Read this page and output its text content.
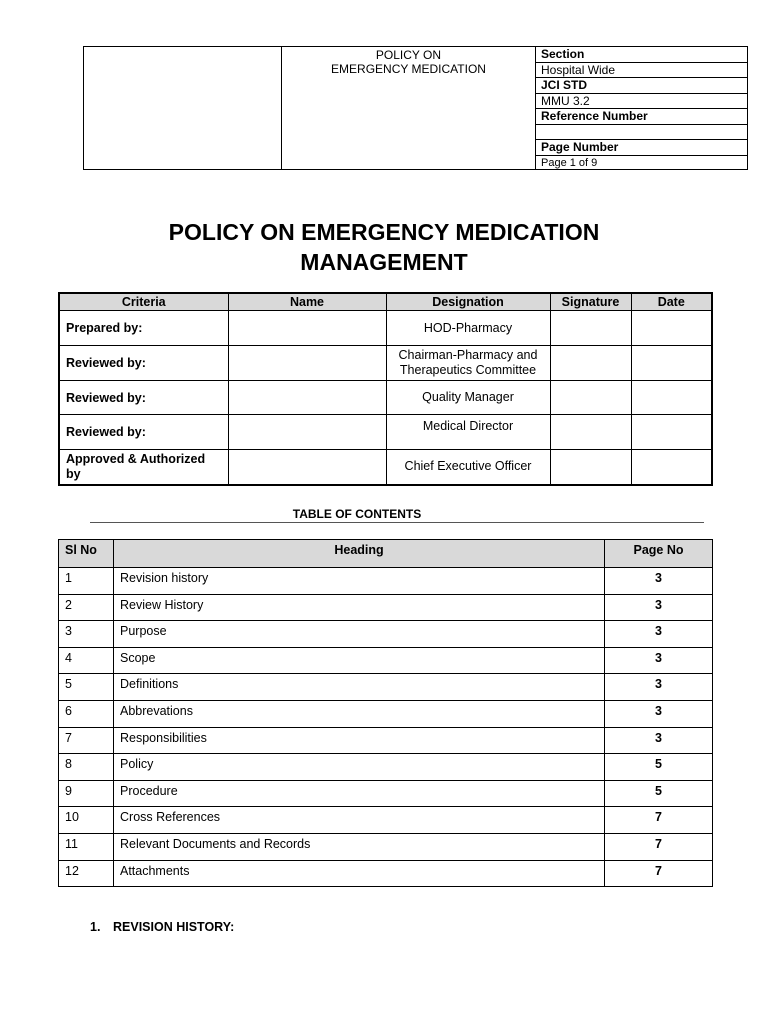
POLICY ON
EMERGENCY MEDICATION
Section
Hospital Wide
JCI STD
MMU 3.2
Reference Number
Page Number
Page 1 of 9
POLICY ON EMERGENCY MEDICATION
MANAGEMENT
Criteria	Name	Designation	Signature	Date
Prepared by:		HOD-Pharmacy		
Reviewed by:		Chairman-Pharmacy and Therapeutics Committee		
Reviewed by:		Quality Manager		
Reviewed by:		Medical Director		
Approved & Authorized by		Chief Executive Officer		
TABLE OF CONTENTS
Sl No	Heading	Page No
1	Revision history	3
2	Review History	3
3	Purpose	3
4	Scope	3
5	Definitions	3
6	Abbrevations	3
7	Responsibilities	3
8	Policy	5
9	Procedure	5
10	Cross References	7
11	Relevant Documents and Records	7
12	Attachments	7
1. REVISION HISTORY:
